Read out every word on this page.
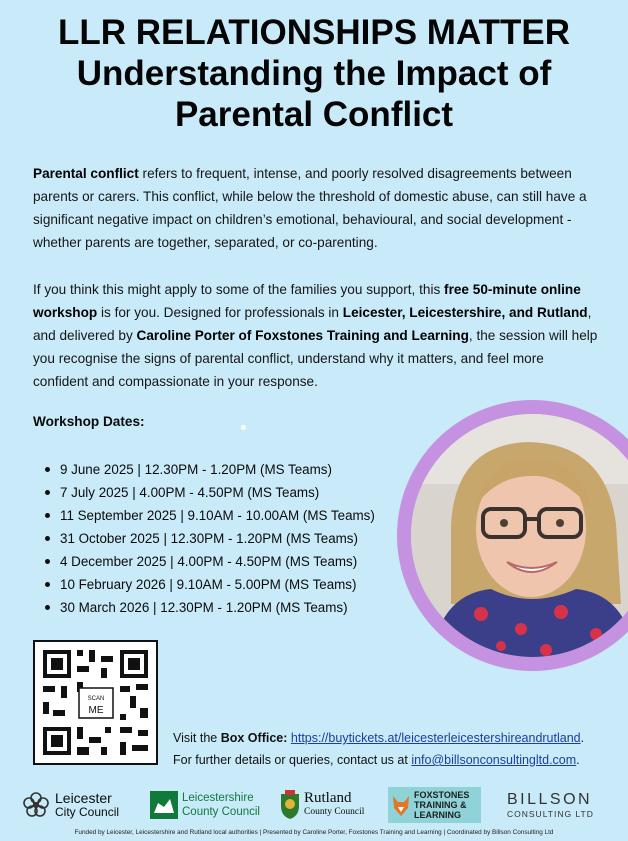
LLR RELATIONSHIPS MATTER
Understanding the Impact of
Parental Conflict

Parental conflict refers to frequent, intense, and poorly resolved disagreements between parents or carers. This conflict, while below the threshold of domestic abuse, can still have a significant negative impact on children’s emotional, behavioural, and social development - whether parents are together, separated, or co-parenting.

If you think this might apply to some of the families you support, this free 50-minute online workshop is for you. Designed for professionals in Leicester, Leicestershire, and Rutland, and delivered by Caroline Porter of Foxstones Training and Learning, the session will help you recognise the signs of parental conflict, understand why it matters, and feel more confident and compassionate in your response.

Workshop Dates:
9 June 2025 | 12.30PM - 1.20PM (MS Teams)
7 July 2025 | 4.00PM - 4.50PM (MS Teams)
11 September 2025 | 9.10AM - 10.00AM (MS Teams)
31 October 2025 | 12.30PM - 1.20PM (MS Teams)
4 December 2025 | 4.00PM - 4.50PM (MS Teams)
10 February 2026 | 9.10AM - 5.00PM (MS Teams)
30 March 2026 | 12.30PM - 1.20PM (MS Teams)
SCAN
ME
Visit the Box Office: https://buytickets.at/leicesterleicestershireandrutland.
For further details or queries, contact us at info@billsonconsultingltd.com.
Leicester
City Council
Leicestershire
County Council
Rutland
County Council
FOXSTONES
TRAINING &
LEARNING
BILLSON
CONSULTING LTD
Funded by Leicester, Leicestershire and Rutland local authorities | Presented by Caroline Porter, Foxstones Training and Learning | Coordinated by Billson Consulting Ltd
